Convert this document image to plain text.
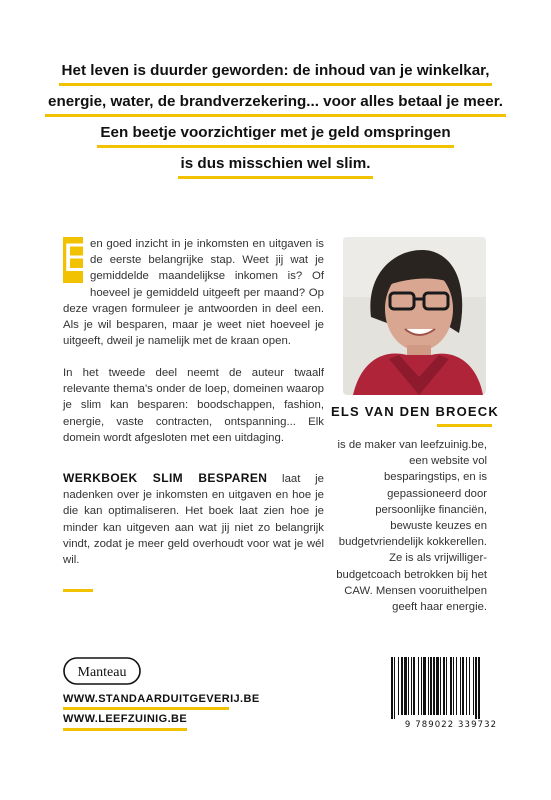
Het leven is duurder geworden: de inhoud van je winkelkar,
energie, water, de brandverzekering... voor alles betaal je meer.
Een beetje voorzichtiger met je geld omspringen
is dus misschien wel slim.
E en goed inzicht in je inkomsten en uitgaven is de eerste belangrijke stap. Weet jij wat je gemiddelde maandelijkse inkomen is? Of hoeveel je gemiddeld uitgeeft per maand? Op deze vragen formuleer je antwoorden in deel een. Als je wil besparen, maar je weet niet hoeveel je uitgeeft, dweil je namelijk met de kraan open.
In het tweede deel neemt de auteur twaalf relevante thema's onder de loep, domeinen waarop je slim kan besparen: boodschappen, fashion, energie, vaste contracten, ontspanning... Elk domein wordt afgesloten met een uitdaging.
WERKBOEK SLIM BESPAREN laat je nadenken over je inkomsten en uitgaven en hoe je die kan optimaliseren. Het boek laat zien hoe je minder kan uitgeven aan wat jij niet zo belangrijk vindt, zodat je meer geld overhoudt voor wat je wél wil.
ELS VAN DEN BROECK
is de maker van leefzuinig.be, een website vol besparingstips, en is gepassioneerd door persoonlijke financiën, bewuste keuzes en budgetvriendelijk kokkerellen. Ze is als vrijwilliger-budgetcoach betrokken bij het CAW. Mensen vooruithelpen geeft haar energie.
Manteau
WWW.STANDAARDUITGEVERIJ.BE
WWW.LEEFZUINIG.BE	9 789022 339732
